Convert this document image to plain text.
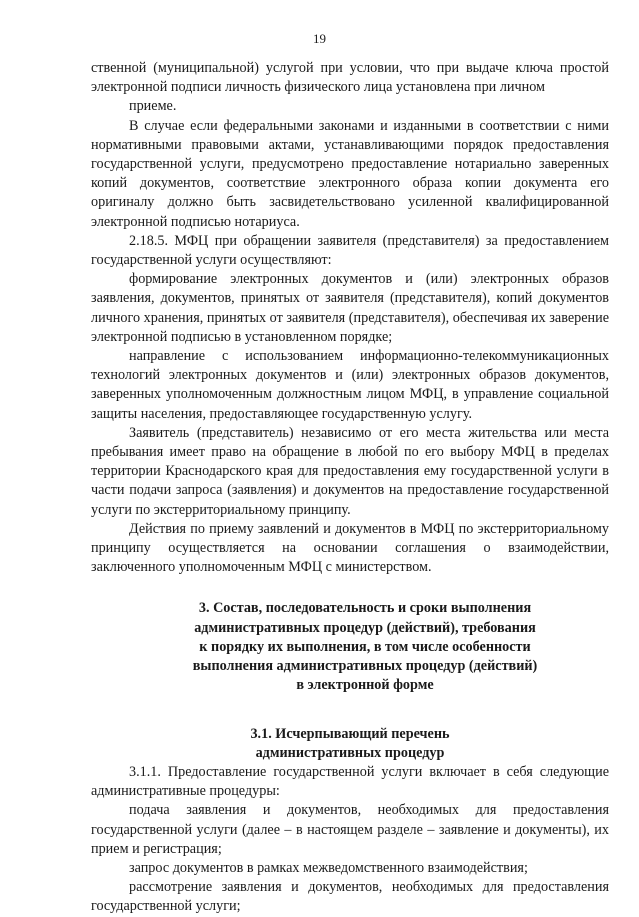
19

ственной (муниципальной) услугой при условии, что при выдаче ключа простой электронной подписи личность физического лица установлена при личном

приеме.

В случае если федеральными законами и изданными в соответствии с ними нормативными правовыми актами, устанавливающими порядок предоставления государственной услуги, предусмотрено предоставление нотариально заверенных копий документов, соответствие электронного образа копии документа его оригиналу должно быть засвидетельствовано усиленной квалифицированной электронной подписью нотариуса.

2.18.5. МФЦ при обращении заявителя (представителя) за предоставлением государственной услуги осуществляют:

формирование электронных документов и (или) электронных образов заявления, документов, принятых от заявителя (представителя), копий документов личного хранения, принятых от заявителя (представителя), обеспечивая их заверение электронной подписью в установленном порядке;

направление с использованием информационно-телекоммуникационных технологий электронных документов и (или) электронных образов документов, заверенных уполномоченным должностным лицом МФЦ, в управление социальной защиты населения, предоставляющее государственную услугу.

Заявитель (представитель) независимо от его места жительства или места пребывания имеет право на обращение в любой по его выбору МФЦ в пределах территории Краснодарского края для предоставления ему государственной услуги в части подачи запроса (заявления) и документов на предоставление государственной услуги по экстерриториальному принципу.

Действия по приему заявлений и документов в МФЦ по экстерриториальному принципу осуществляется на основании соглашения о взаимодействии, заключенного уполномоченным МФЦ с министерством.

3. Состав, последовательность и сроки выполнения
административных процедур (действий), требования
к порядку их выполнения, в том числе особенности
выполнения административных процедур (действий)
в электронной форме
3.1. Исчерпывающий перечень
административных процедур

3.1.1. Предоставление государственной услуги включает в себя следующие административные процедуры:

подача заявления и документов, необходимых для предоставления государственной услуги (далее – в настоящем разделе – заявление и документы), их прием и регистрация;

запрос документов в рамках межведомственного взаимодействия;

рассмотрение заявления и документов, необходимых для предоставления государственной услуги;
